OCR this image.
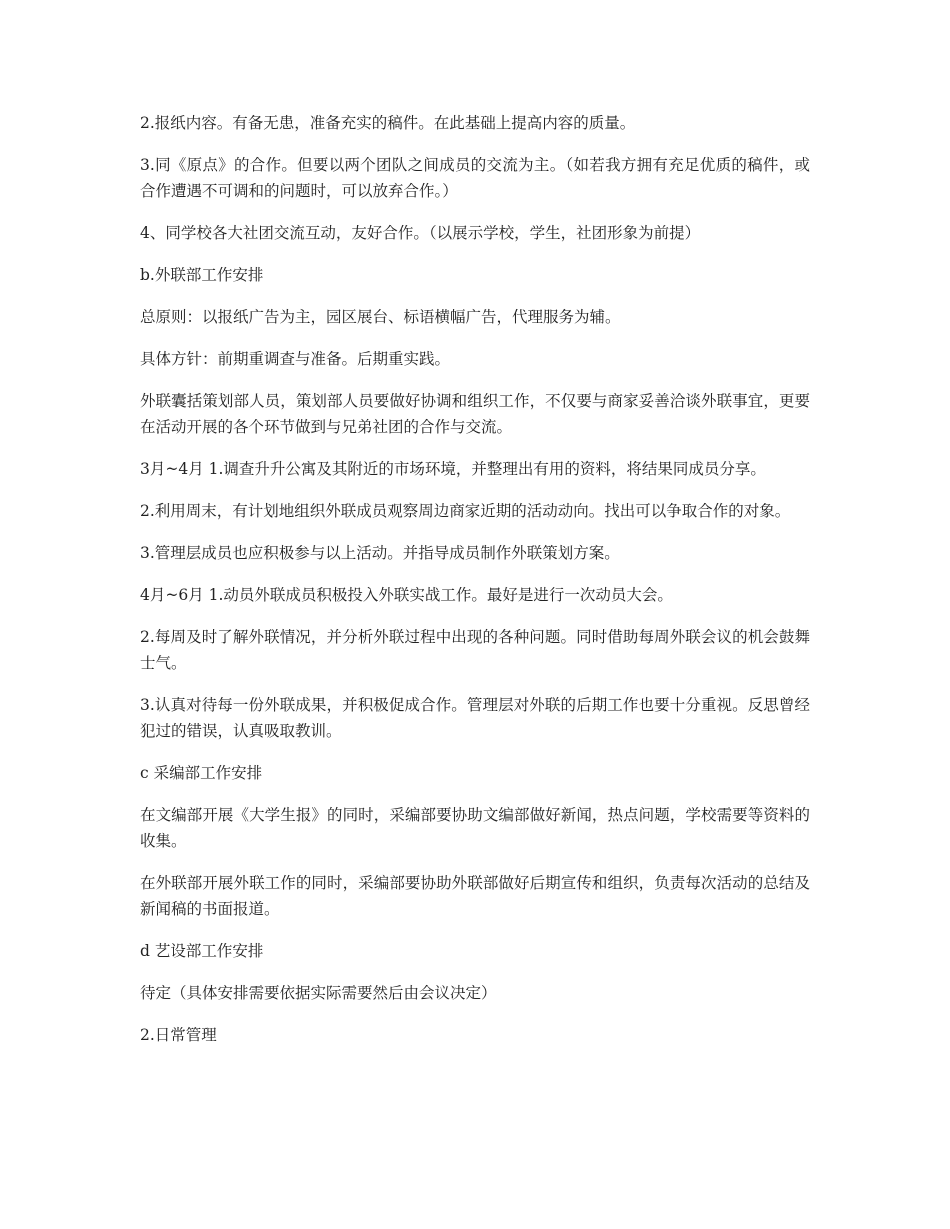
2.报纸内容。有备无患，准备充实的稿件。在此基础上提高内容的质量。

3.同《原点》的合作。但要以两个团队之间成员的交流为主。（如若我方拥有充足优质的稿件，或合作遭遇不可调和的问题时，可以放弃合作。）

4、同学校各大社团交流互动，友好合作。（以展示学校，学生，社团形象为前提）

b.外联部工作安排

总原则：以报纸广告为主，园区展台、标语横幅广告，代理服务为辅。

具体方针：前期重调查与准备。后期重实践。

外联囊括策划部人员，策划部人员要做好协调和组织工作，不仅要与商家妥善洽谈外联事宜，更要在活动开展的各个环节做到与兄弟社团的合作与交流。

3月~4月 1.调查升升公寓及其附近的市场环境，并整理出有用的资料，将结果同成员分享。

2.利用周末，有计划地组织外联成员观察周边商家近期的活动动向。找出可以争取合作的对象。

3.管理层成员也应积极参与以上活动。并指导成员制作外联策划方案。

4月~6月 1.动员外联成员积极投入外联实战工作。最好是进行一次动员大会。

2.每周及时了解外联情况，并分析外联过程中出现的各种问题。同时借助每周外联会议的机会鼓舞士气。

3.认真对待每一份外联成果，并积极促成合作。管理层对外联的后期工作也要十分重视。反思曾经犯过的错误，认真吸取教训。

c 采编部工作安排

在文编部开展《大学生报》的同时，采编部要协助文编部做好新闻，热点问题，学校需要等资料的收集。

在外联部开展外联工作的同时，采编部要协助外联部做好后期宣传和组织，负责每次活动的总结及新闻稿的书面报道。

d 艺设部工作安排

待定（具体安排需要依据实际需要然后由会议决定）

2.日常管理
